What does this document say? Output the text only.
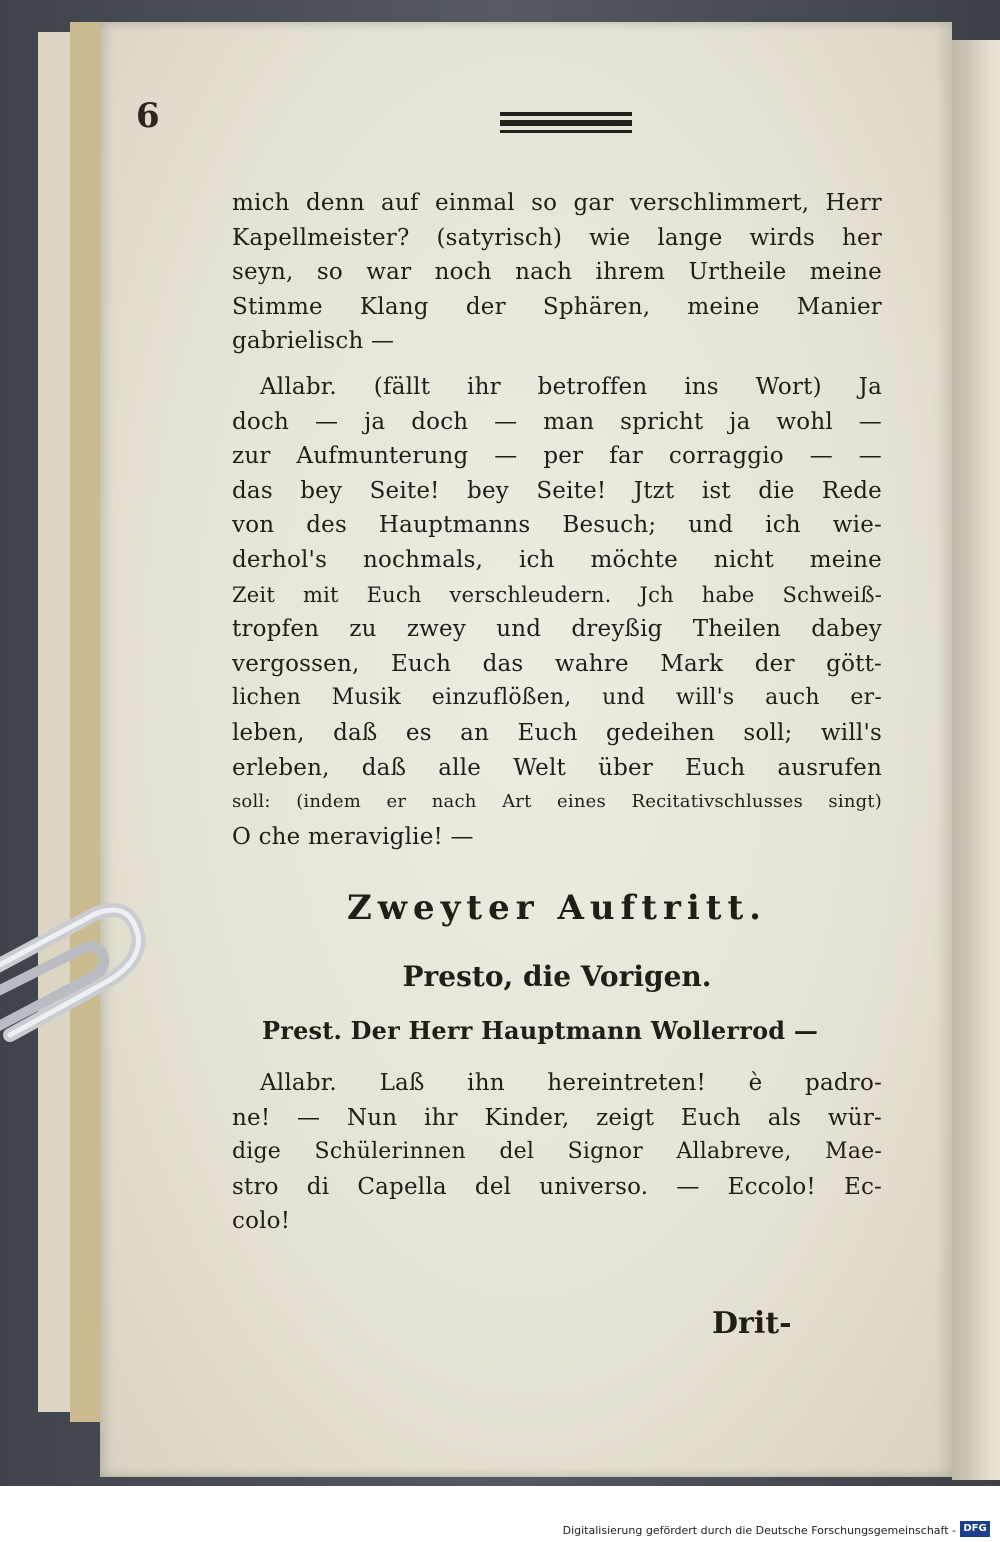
6
mich denn auf einmal so gar verschlimmert, Herr
Kapellmeister? (satyrisch) wie lange wirds her
seyn, so war noch nach ihrem Urtheile meine
Stimme Klang der Sphären, meine Manier
gabrielisch —
Allabr. (fällt ihr betroffen ins Wort) Ja
doch — ja doch — man spricht ja wohl —
zur Aufmunterung — per far corraggio — —
das bey Seite! bey Seite! Jtzt ist die Rede
von des Hauptmanns Besuch; und ich wie-
derhol's nochmals, ich möchte nicht meine
Zeit mit Euch verschleudern. Jch habe Schweiß-
tropfen zu zwey und dreyßig Theilen dabey
vergossen, Euch das wahre Mark der gött-
lichen Musik einzuflößen, und will's auch er-
leben, daß es an Euch gedeihen soll; will's
erleben, daß alle Welt über Euch ausrufen
soll: (indem er nach Art eines Recitativschlusses singt)
O che meraviglie! —
Zweyter Auftritt.
Presto, die Vorigen.
Prest. Der Herr Hauptmann Wollerrod —
Allabr. Laß ihn hereintreten! è padro-
ne! — Nun ihr Kinder, zeigt Euch als wür-
dige Schülerinnen del Signor Allabreve, Mae-
stro di Capella del universo. — Eccolo! Ec-
colo!
Drit-
Digitalisierung gefördert durch die Deutsche Forschungsgemeinschaft - DFG
